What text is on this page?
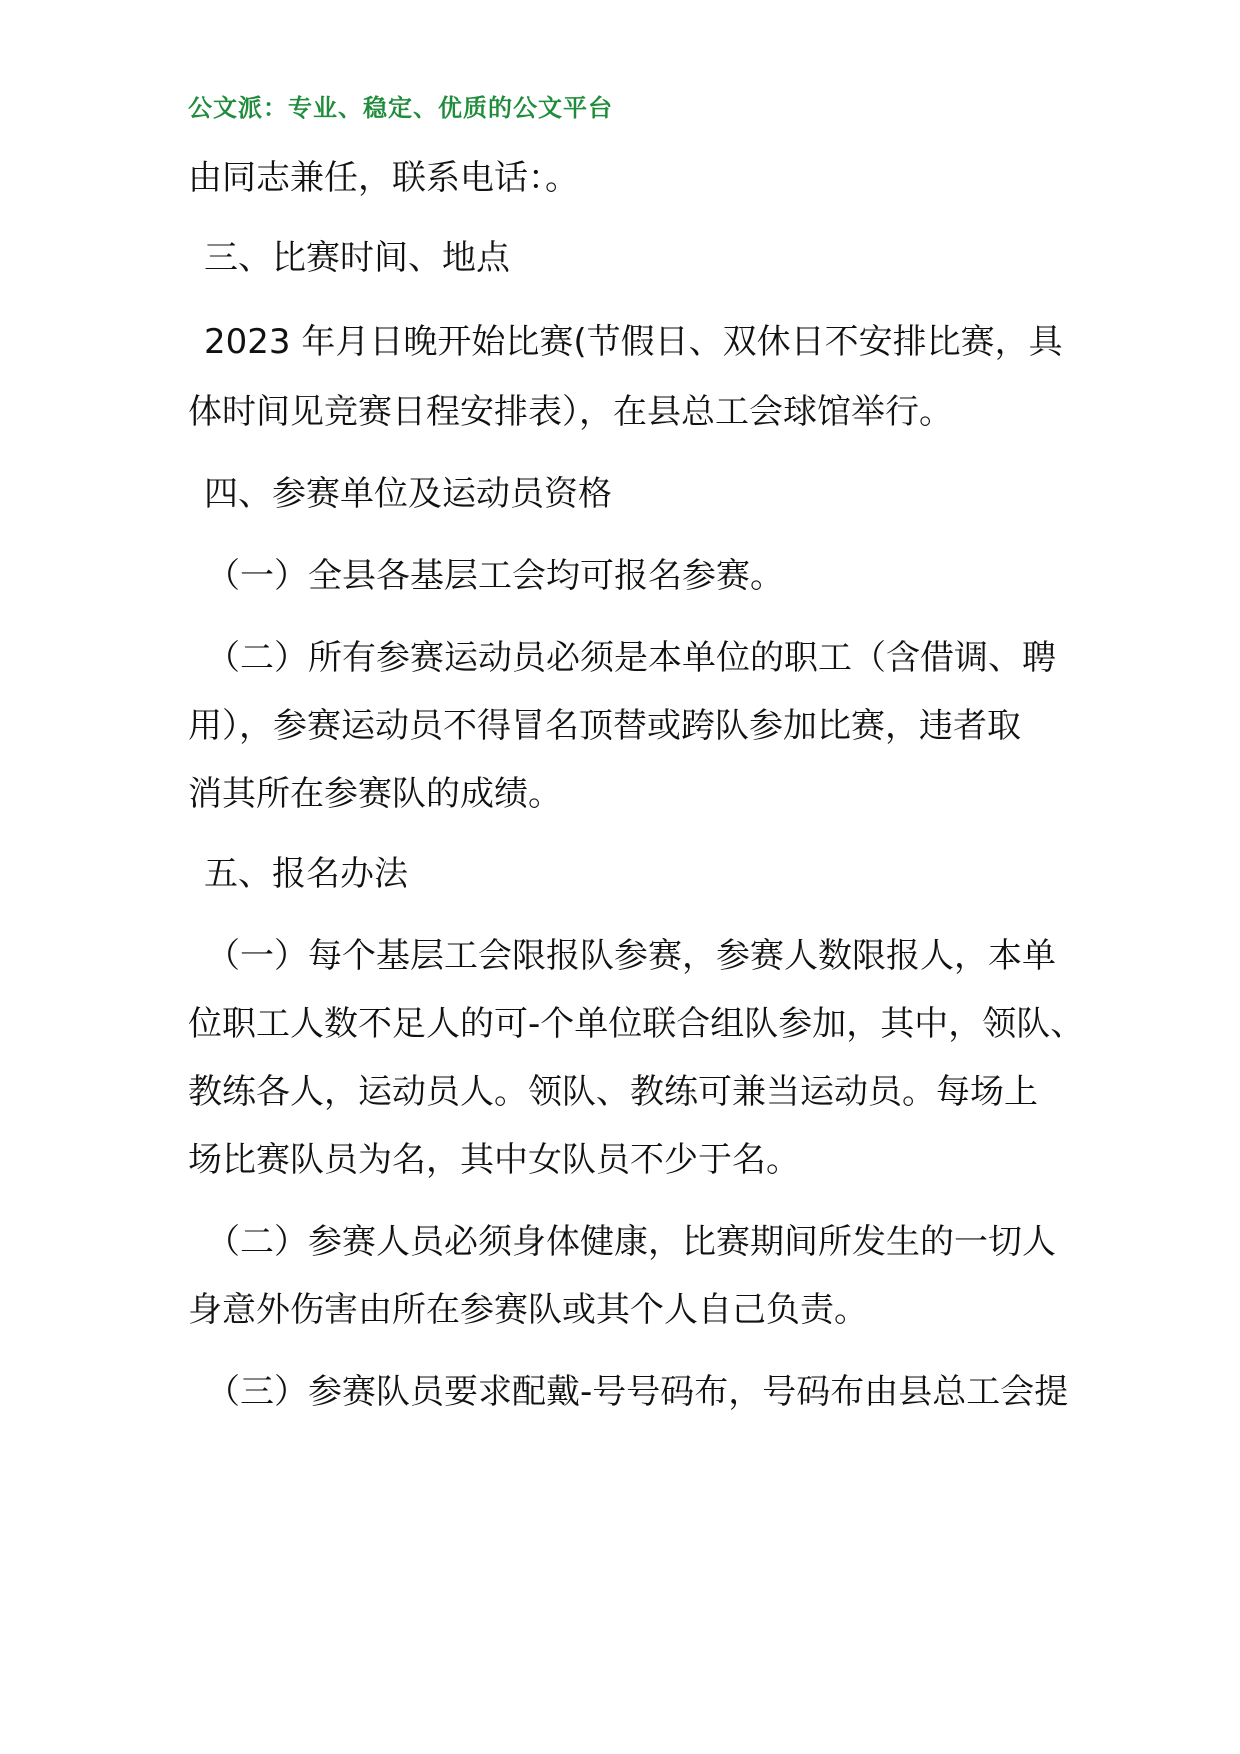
公文派：专业、稳定、优质的公文平台
由同志兼任，联系电话：。
三、比赛时间、地点
2023 年月日晚开始比赛(节假日、双休日不安排比赛，具
体时间见竞赛日程安排表），在县总工会球馆举行。
四、参赛单位及运动员资格
（一）全县各基层工会均可报名参赛。
（二）所有参赛运动员必须是本单位的职工（含借调、聘
用），参赛运动员不得冒名顶替或跨队参加比赛，违者取
消其所在参赛队的成绩。
五、报名办法
（一）每个基层工会限报队参赛，参赛人数限报人，本单
位职工人数不足人的可-个单位联合组队参加，其中，领队、
教练各人，运动员人。领队、教练可兼当运动员。每场上
场比赛队员为名，其中女队员不少于名。
（二）参赛人员必须身体健康，比赛期间所发生的一切人
身意外伤害由所在参赛队或其个人自己负责。
（三）参赛队员要求配戴-号号码布，号码布由县总工会提
